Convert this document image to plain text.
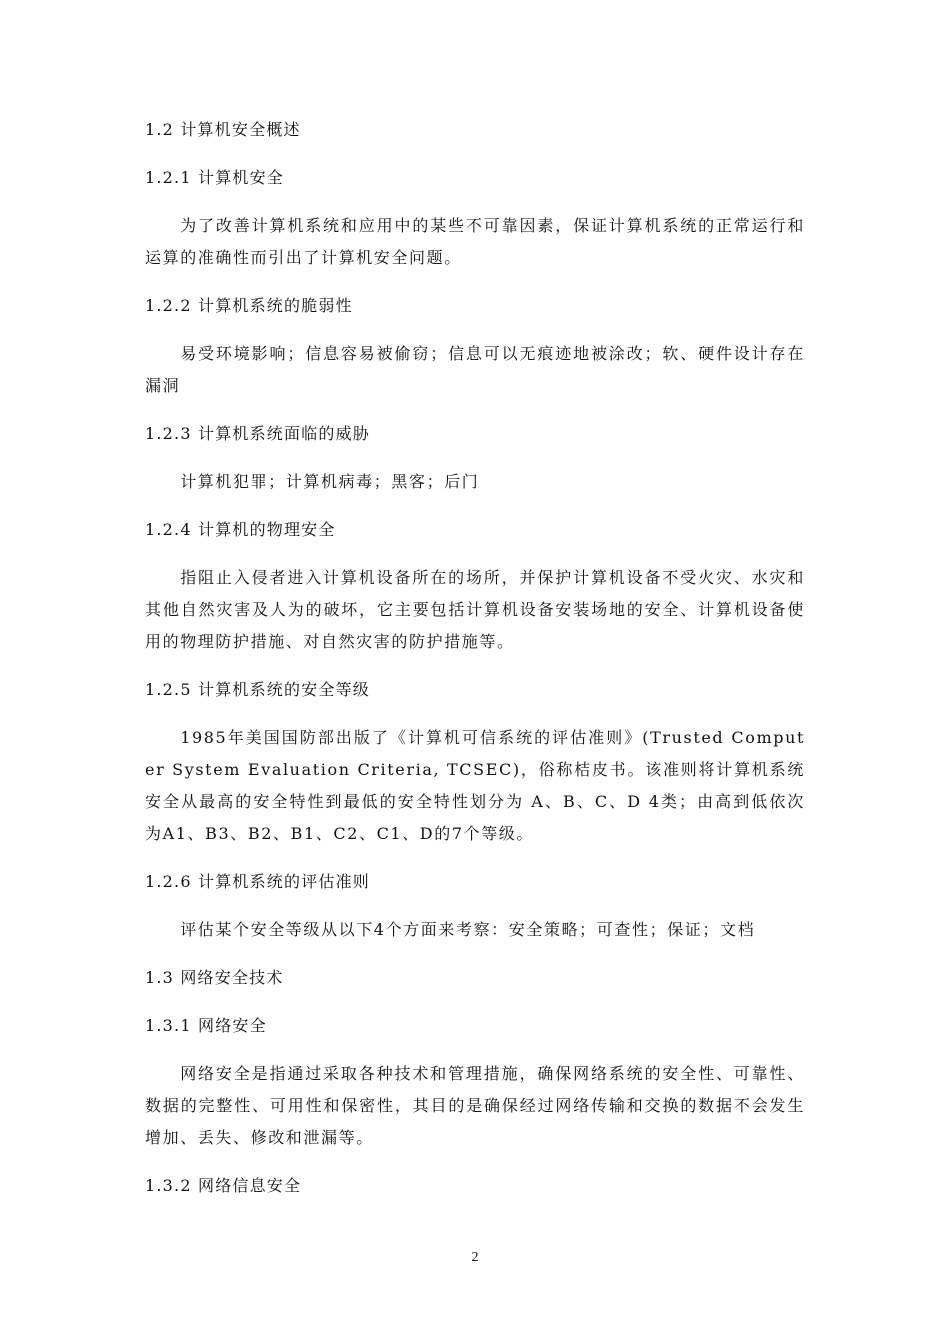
1.2 计算机安全概述
1.2.1 计算机安全
为了改善计算机系统和应用中的某些不可靠因素，保证计算机系统的正常运行和运算的准确性而引出了计算机安全问题。
1.2.2 计算机系统的脆弱性
易受环境影响；信息容易被偷窃；信息可以无痕迹地被涂改；软、硬件设计存在漏洞
1.2.3 计算机系统面临的威胁
计算机犯罪；计算机病毒；黑客；后门
1.2.4 计算机的物理安全
指阻止入侵者进入计算机设备所在的场所，并保护计算机设备不受火灾、水灾和其他自然灾害及人为的破坏，它主要包括计算机设备安装场地的安全、计算机设备使用的物理防护措施、对自然灾害的防护措施等。
1.2.5 计算机系统的安全等级
1985年美国国防部出版了《计算机可信系统的评估准则》(Trusted Computer System Evaluation Criteria, TCSEC)，俗称桔皮书。该准则将计算机系统安全从最高的安全特性到最低的安全特性划分为 A、B、C、D 4类；由高到低依次为A1、B3、B2、B1、C2、C1、D的7个等级。
1.2.6 计算机系统的评估准则
评估某个安全等级从以下4个方面来考察：安全策略；可查性；保证；文档
1.3 网络安全技术
1.3.1 网络安全
网络安全是指通过采取各种技术和管理措施，确保网络系统的安全性、可靠性、数据的完整性、可用性和保密性，其目的是确保经过网络传输和交换的数据不会发生增加、丢失、修改和泄漏等。
1.3.2 网络信息安全
2
